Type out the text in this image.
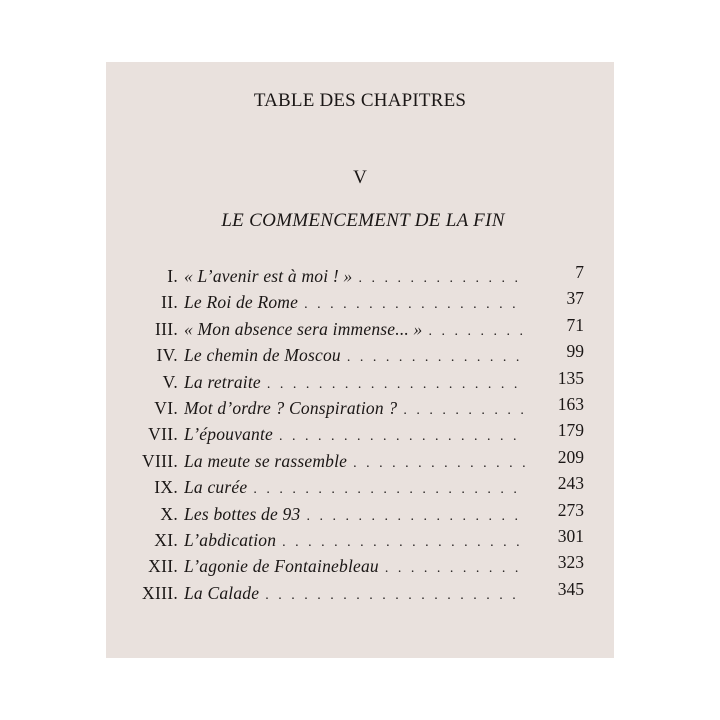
TABLE DES CHAPITRES
V
LE COMMENCEMENT DE LA FIN
I. « L’avenir est à moi ! » . . .	7
II. Le Roi de Rome . . .	37
III. « Mon absence sera immense... » . . .	71
IV. Le chemin de Moscou . . .	99
V. La retraite . . .	135
VI. Mot d’ordre ? Conspiration ? . . .	163
VII. L’épouvante . . .	179
VIII. La meute se rassemble . . .	209
IX. La curée . . .	243
X. Les bottes de 93 . . .	273
XI. L’abdication . . .	301
XII. L’agonie de Fontainebleau . . .	323
XIII. La Calade . . .	345
